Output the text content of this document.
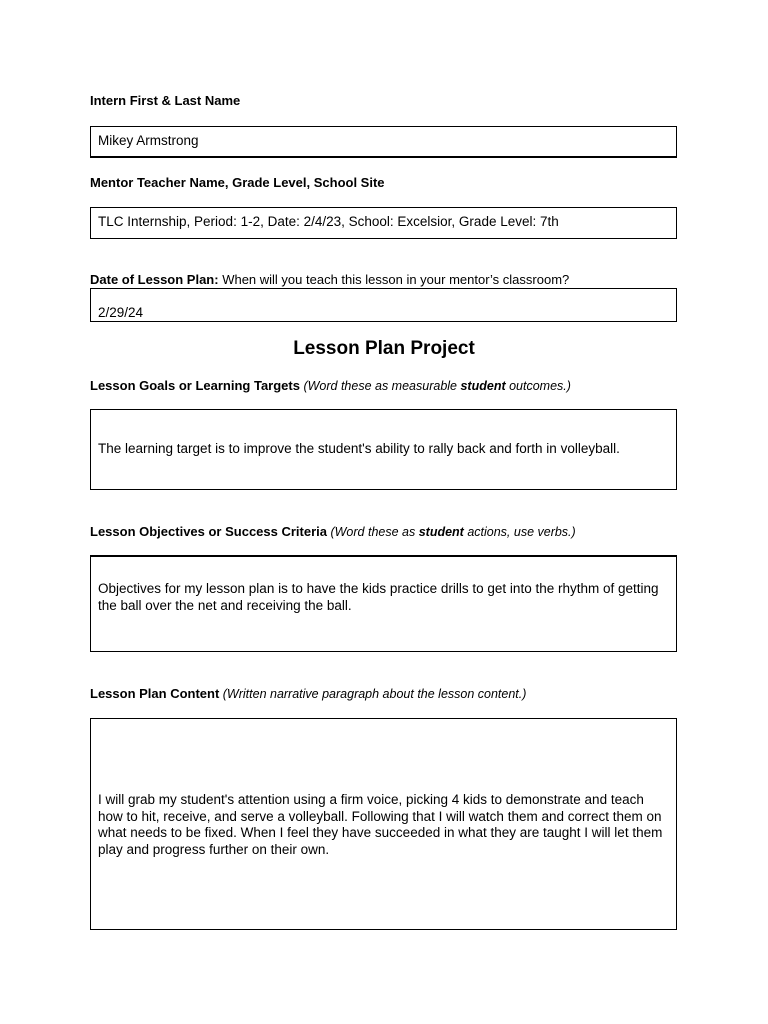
Intern First & Last Name
Mikey Armstrong
Mentor Teacher Name, Grade Level, School Site
TLC Internship, Period: 1-2, Date: 2/4/23, School: Excelsior, Grade Level: 7th
Date of Lesson Plan: When will you teach this lesson in your mentor’s classroom?
2/29/24
Lesson Plan Project
Lesson Goals or Learning Targets (Word these as measurable student outcomes.)
The learning target is to improve the student's ability to rally back and forth in volleyball.
Lesson Objectives or Success Criteria (Word these as student actions, use verbs.)
Objectives for my lesson plan is to have the kids practice drills to get into the rhythm of getting the ball over the net and receiving the ball.
Lesson Plan Content (Written narrative paragraph about the lesson content.)
I will grab my student's attention using a firm voice, picking 4 kids to demonstrate and teach how to hit, receive, and serve a volleyball. Following that I will watch them and correct them on what needs to be fixed. When I feel they have succeeded in what they are taught I will let them play and progress further on their own.
